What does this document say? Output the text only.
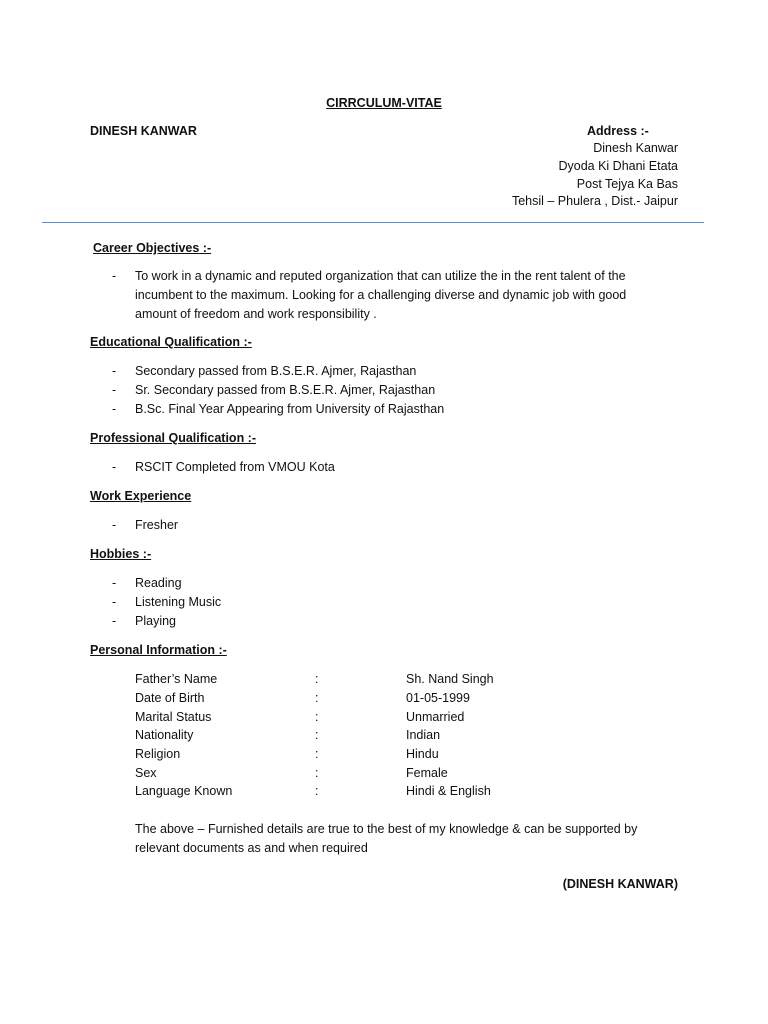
CIRRCULUM-VITAE
DINESH KANWAR	Address :-
Dinesh Kanwar
Dyoda Ki Dhani Etata
Post Tejya Ka Bas
Tehsil – Phulera , Dist.- Jaipur
Career Objectives :-
- To work in a dynamic and reputed organization that can utilize the in the rent talent of the
incumbent to the maximum. Looking for a challenging diverse and dynamic job with good
amount of freedom and work responsibility .
Educational Qualification :-
- Secondary passed from B.S.E.R. Ajmer, Rajasthan
- Sr. Secondary passed from B.S.E.R. Ajmer, Rajasthan
- B.Sc. Final Year Appearing from University of Rajasthan
Professional Qualification :-
- RSCIT Completed from VMOU Kota
Work Experience
- Fresher
Hobbies :-
- Reading
- Listening Music
- Playing
Personal Information :-
Father’s Name	:	Sh. Nand Singh
Date of Birth	:	01-05-1999
Marital Status	:	Unmarried
Nationality	:	Indian
Religion	:	Hindu
Sex	:	Female
Language Known	:	Hindi & English
The above – Furnished details are true to the best of my knowledge & can be supported by
relevant documents as and when required
(DINESH KANWAR)
